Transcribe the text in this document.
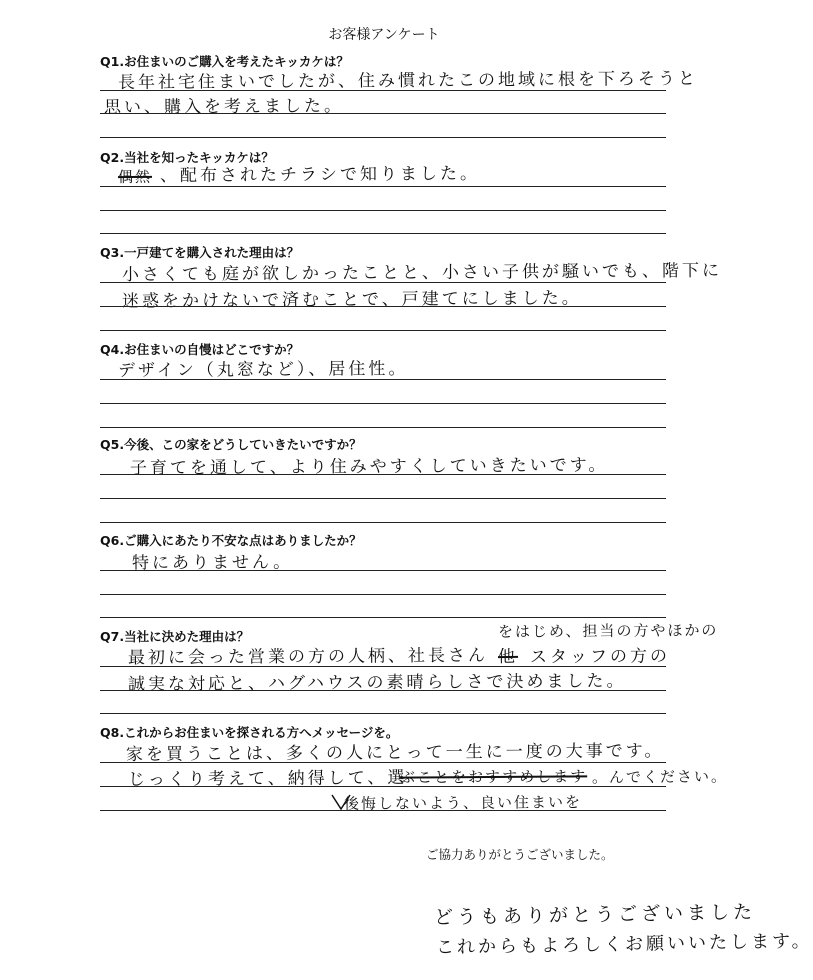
お客様アンケート
Q1.お住まいのご購入を考えたキッカケは？
長年社宅住まいでしたが、住み慣れたこの地域に根を下ろそうと
思い、購入を考えました。
Q2.当社を知ったキッカケは？
偶然 、配布されたチラシで知りました。
Q3.一戸建てを購入された理由は？
小さくても庭が欲しかったことと、小さい子供が騒いでも、階下に
迷惑をかけないで済むことで、戸建てにしました。
Q4.お住まいの自慢はどこですか？
デザイン（丸窓など）、居住性。
Q5.今後、この家をどうしていきたいですか？
子育てを通して、より住みやすくしていきたいです。
Q6.ご購入にあたり不安な点はありましたか？
特にありません。
Q7.当社に決めた理由は？	をはじめ、担当の方やほかの
最初に会った営業の方の人柄、社長さん 他 スタッフの方の
誠実な対応と、ハグハウスの素晴らしさで決めました。
Q8.これからお住まいを探される方へメッセージを。
家を買うことは、多くの人にとって一生に一度の大事です。
じっくり考えて、納得して、選
ぶことをおすすめします 。んでください。
後悔しないよう、良い住まいを
ご協力ありがとうございました。
どうもありがとうございました
これからもよろしくお願いいたします。
